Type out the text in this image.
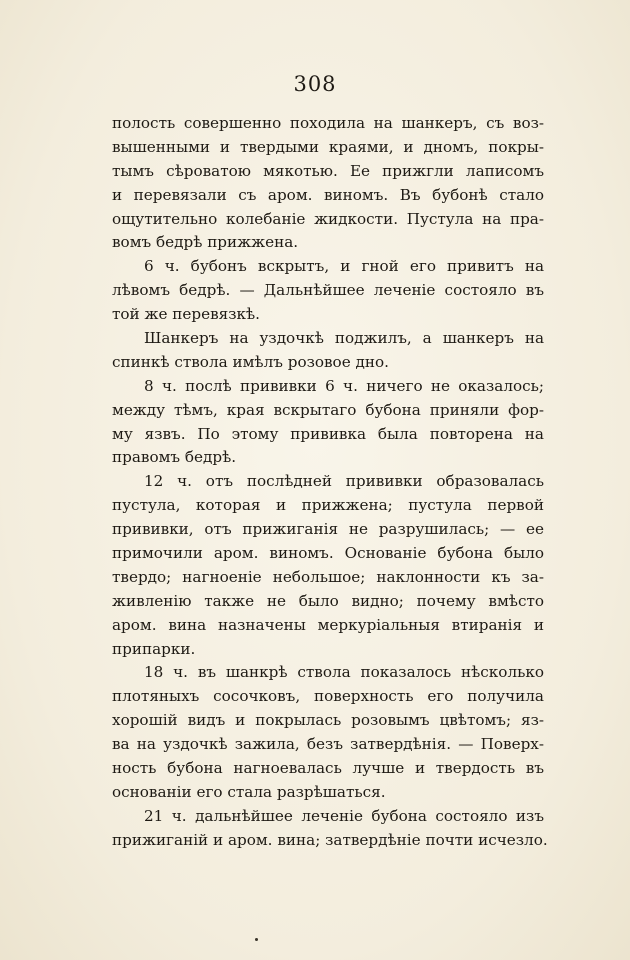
308
полость совершенно походила на шанкеръ, съ воз-
вышенными и твердыми краями, и дномъ, покры-
тымъ сѣроватою мякотью. Ее прижгли лаписомъ
и перевязали съ аром. виномъ. Въ бубонѣ стало
ощутительно колебаніе жидкости. Пустула на пра-
вомъ бедрѣ прижжена.
6 ч. бубонъ вскрытъ, и гной его привитъ на
лѣвомъ бедрѣ. — Дальнѣйшее леченіе состояло въ
той же перевязкѣ.
Шанкеръ на уздочкѣ поджилъ, а шанкеръ на
спинкѣ ствола имѣлъ розовое дно.
8 ч. послѣ прививки 6 ч. ничего не оказалось;
между тѣмъ, края вскрытаго бубона приняли фор-
му язвъ. По этому прививка была повторена на
правомъ бедрѣ.
12 ч. отъ послѣдней прививки образовалась
пустула, которая и прижжена; пустула первой
прививки, отъ прижиганія не разрушилась; — ее
примочили аром. виномъ. Основаніе бубона было
твердо; нагноеніе небольшое; наклонности къ за-
живленію также не было видно; почему вмѣсто
аром. вина назначены меркуріальныя втиранія и
припарки.
18 ч. въ шанкрѣ ствола показалось нѣсколько
плотяныхъ сосочковъ, поверхность его получила
хорошій видъ и покрылась розовымъ цвѣтомъ; яз-
ва на уздочкѣ зажила, безъ затвердѣнія. — Поверх-
ность бубона нагноевалась лучше и твердость въ
основаніи его стала разрѣшаться.
21 ч. дальнѣйшее леченіе бубона состояло изъ
прижиганій и аром. вина; затвердѣніе почти исчезло.
